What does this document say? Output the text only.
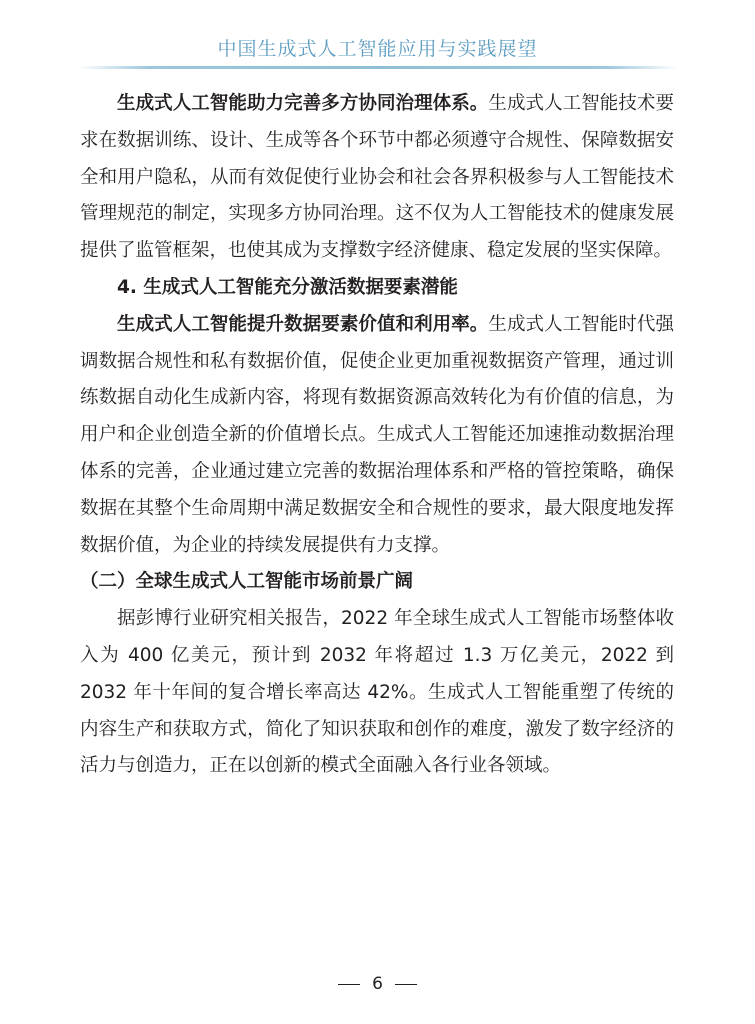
中国生成式人工智能应用与实践展望

生成式人工智能助力完善多方协同治理体系。生成式人工智能技术要求在数据训练、设计、生成等各个环节中都必须遵守合规性、保障数据安全和用户隐私，从而有效促使行业协会和社会各界积极参与人工智能技术管理规范的制定，实现多方协同治理。这不仅为人工智能技术的健康发展提供了监管框架，也使其成为支撑数字经济健康、稳定发展的坚实保障。

4. 生成式人工智能充分激活数据要素潜能

生成式人工智能提升数据要素价值和利用率。生成式人工智能时代强调数据合规性和私有数据价值，促使企业更加重视数据资产管理，通过训练数据自动化生成新内容，将现有数据资源高效转化为有价值的信息，为用户和企业创造全新的价值增长点。生成式人工智能还加速推动数据治理体系的完善，企业通过建立完善的数据治理体系和严格的管控策略，确保数据在其整个生命周期中满足数据安全和合规性的要求，最大限度地发挥数据价值，为企业的持续发展提供有力支撑。

（二）全球生成式人工智能市场前景广阔

据彭博行业研究相关报告，2022 年全球生成式人工智能市场整体收入为 400 亿美元，预计到 2032 年将超过 1.3 万亿美元，2022 到 2032 年十年间的复合增长率高达 42%。生成式人工智能重塑了传统的内容生产和获取方式，简化了知识获取和创作的难度，激发了数字经济的活力与创造力，正在以创新的模式全面融入各行业各领域。

6
